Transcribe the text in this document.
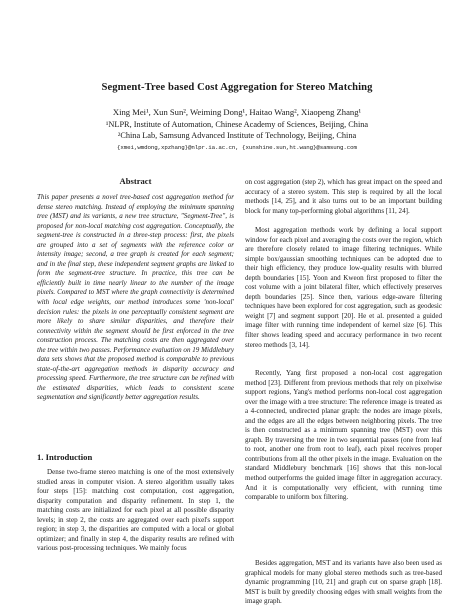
Segment-Tree based Cost Aggregation for Stereo Matching
Xing Mei¹, Xun Sun², Weiming Dong¹, Haitao Wang², Xiaopeng Zhang¹
¹NLPR, Institute of Automation, Chinese Academy of Sciences, Beijing, China
²China Lab, Samsung Advanced Institute of Technology, Beijing, China
{xmei,wmdong,xpzhang}@nlpr.ia.ac.cn, {xunshine.sun,ht.wang}@samsung.com
Abstract

This paper presents a novel tree-based cost aggregation method for dense stereo matching. Instead of employing the minimum spanning tree (MST) and its variants, a new tree structure, "Segment-Tree", is proposed for non-local matching cost aggregation. Conceptually, the segment-tree is constructed in a three-step process: first, the pixels are grouped into a set of segments with the reference color or intensity image; second, a tree graph is created for each segment; and in the final step, these independent segment graphs are linked to form the segment-tree structure. In practice, this tree can be efficiently built in time nearly linear to the number of the image pixels. Compared to MST where the graph connectivity is determined with local edge weights, our method introduces some 'non-local' decision rules: the pixels in one perceptually consistent segment are more likely to share similar disparities, and therefore their connectivity within the segment should be first enforced in the tree construction process. The matching costs are then aggregated over the tree within two passes. Performance evaluation on 19 Middlebury data sets shows that the proposed method is comparable to previous state-of-the-art aggregation methods in disparity accuracy and processing speed. Furthermore, the tree structure can be refined with the estimated disparities, which leads to consistent scene segmentation and significantly better aggregation results.

1. Introduction

Dense two-frame stereo matching is one of the most extensively studied areas in computer vision. A stereo algorithm usually takes four steps [15]: matching cost computation, cost aggregation, disparity computation and disparity refinement. In step 1, the matching costs are initialized for each pixel at all possible disparity levels; in step 2, the costs are aggregated over each pixel's support region; in step 3, the disparities are computed with a local or global optimizer; and finally in step 4, the disparity results are refined with various post-processing techniques. We mainly focus

on cost aggregation (step 2), which has great impact on the speed and accuracy of a stereo system. This step is required by all the local methods [14, 25], and it also turns out to be an important building block for many top-performing global algorithms [11, 24].

Most aggregation methods work by defining a local support window for each pixel and averaging the costs over the region, which are therefore closely related to image filtering techniques. While simple box/gaussian smoothing techniques can be adopted due to their high efficiency, they produce low-quality results with blurred depth boundaries [15]. Yoon and Kweon first proposed to filter the cost volume with a joint bilateral filter, which effectively preserves depth boundaries [25]. Since then, various edge-aware filtering techniques have been explored for cost aggregation, such as geodesic weight [7] and segment support [20]. He et al. presented a guided image filter with running time independent of kernel size [6]. This filter shows leading speed and accuracy performance in two recent stereo methods [3, 14].

Recently, Yang first proposed a non-local cost aggregation method [23]. Different from previous methods that rely on pixelwise support regions, Yang's method performs non-local cost aggregation over the image with a tree structure: The reference image is treated as a 4-connected, undirected planar graph: the nodes are image pixels, and the edges are all the edges between neighboring pixels. The tree is then constructed as a minimum spanning tree (MST) over this graph. By traversing the tree in two sequential passes (one from leaf to root, another one from root to leaf), each pixel receives proper contributions from all the other pixels in the image. Evaluation on the standard Middlebury benchmark [16] shows that this non-local method outperforms the guided image filter in aggregation accuracy. And it is computationally very efficient, with running time comparable to uniform box filtering.

Besides aggregation, MST and its variants have also been used as graphical models for many global stereo methods such as tree-based dynamic programming [10, 21] and graph cut on sparse graph [18]. MST is built by greedily choosing edges with small weights from the image graph.
